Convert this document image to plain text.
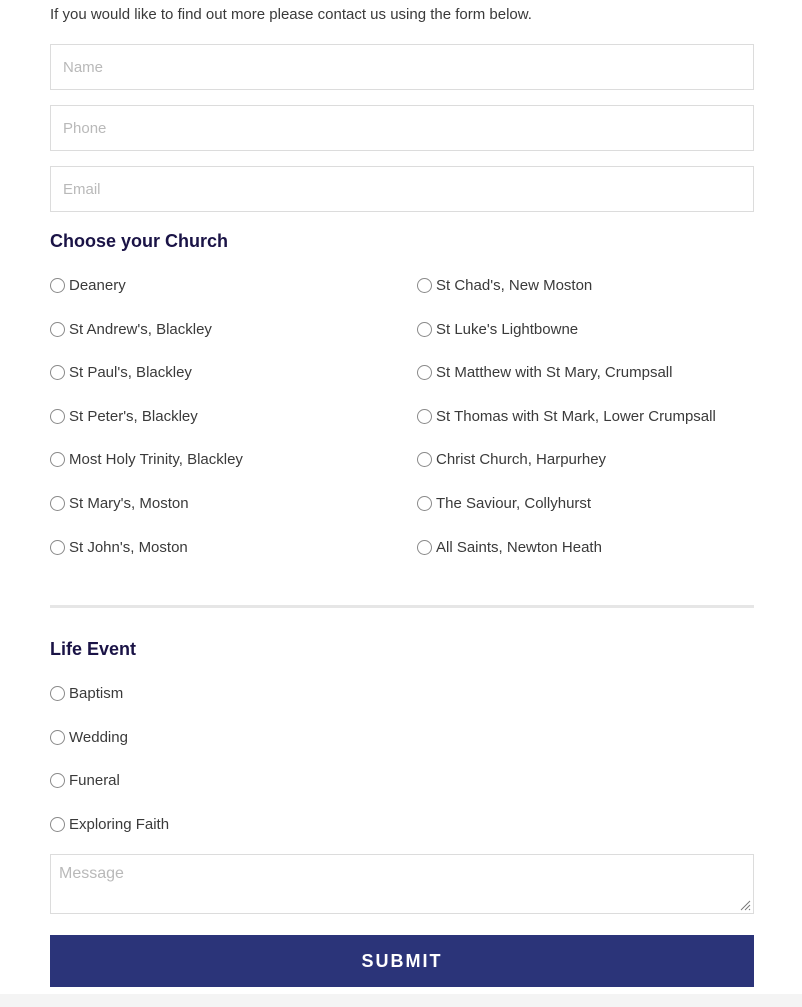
If you would like to find out more please contact us using the form below.
Name
Phone
Email
Choose your Church
Deanery
St Andrew's, Blackley
St Paul's, Blackley
St Peter's, Blackley
Most Holy Trinity, Blackley
St Mary's, Moston
St John's, Moston
St Chad's, New Moston
St Luke's Lightbowne
St Matthew with St Mary, Crumpsall
St Thomas with St Mark, Lower Crumpsall
Christ Church, Harpurhey
The Saviour, Collyhurst
All Saints, Newton Heath
Life Event
Baptism
Wedding
Funeral
Exploring Faith
Message
SUBMIT
